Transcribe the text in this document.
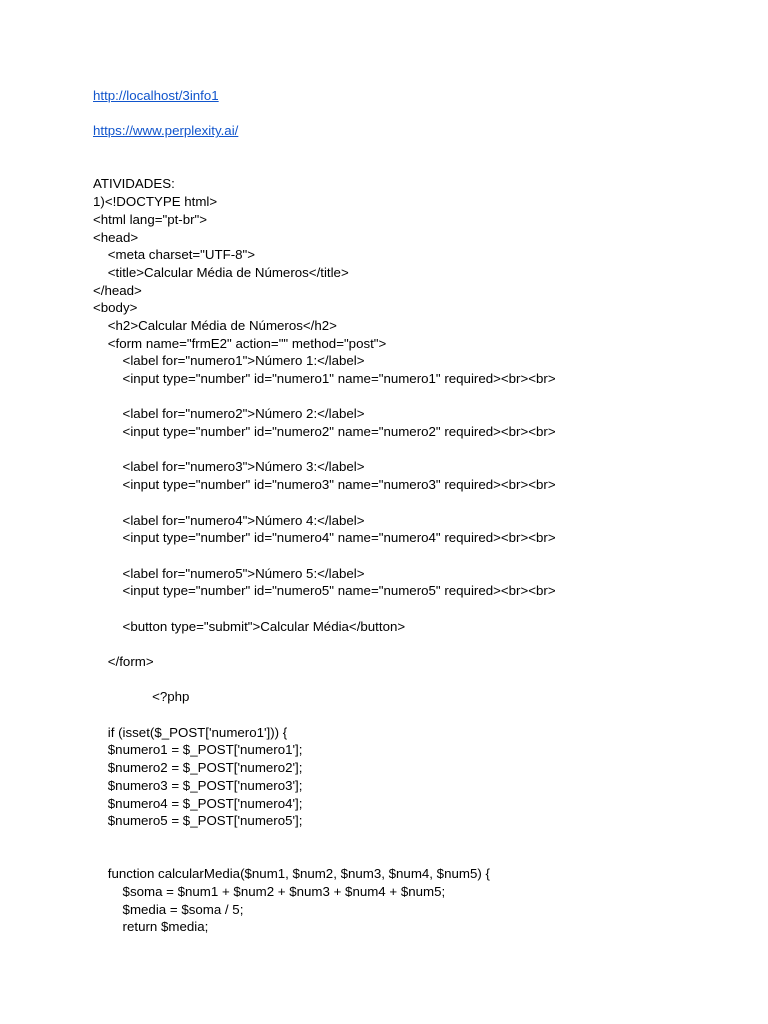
http://localhost/3info1
https://www.perplexity.ai/
ATIVIDADES:
1)<!DOCTYPE html>
<html lang="pt-br">
<head>
<meta charset="UTF-8">
<title>Calcular Média de Números</title>
</head>
<body>
<h2>Calcular Média de Números</h2>
<form name="frmE2" action="" method="post">
<label for="numero1">Número 1:</label>
<input type="number" id="numero1" name="numero1" required><br><br>
<label for="numero2">Número 2:</label>
<input type="number" id="numero2" name="numero2" required><br><br>
<label for="numero3">Número 3:</label>
<input type="number" id="numero3" name="numero3" required><br><br>
<label for="numero4">Número 4:</label>
<input type="number" id="numero4" name="numero4" required><br><br>
<label for="numero5">Número 5:</label>
<input type="number" id="numero5" name="numero5" required><br><br>
<button type="submit">Calcular Média</button>
</form>
<?php
if (isset($_POST['numero1'])) {
$numero1 = $_POST['numero1'];
$numero2 = $_POST['numero2'];
$numero3 = $_POST['numero3'];
$numero4 = $_POST['numero4'];
$numero5 = $_POST['numero5'];
function calcularMedia($num1, $num2, $num3, $num4, $num5) {
$soma = $num1 + $num2 + $num3 + $num4 + $num5;
$media = $soma / 5;
return $media;
